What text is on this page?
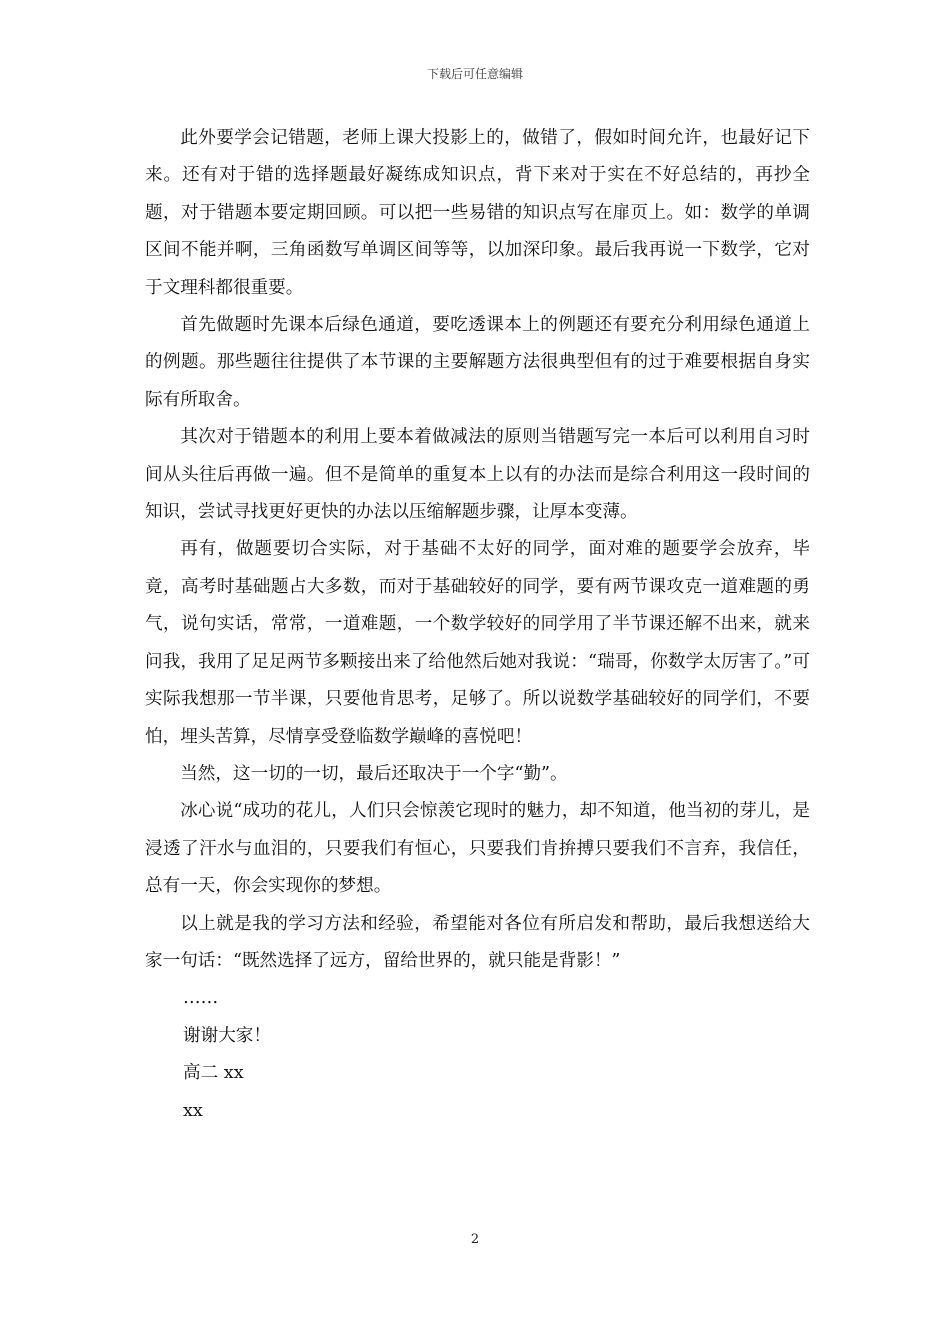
下载后可任意编辑

此外要学会记错题，老师上课大投影上的，做错了，假如时间允许，也最好记下来。还有对于错的选择题最好凝练成知识点，背下来对于实在不好总结的，再抄全题，对于错题本要定期回顾。可以把一些易错的知识点写在扉页上。如：数学的单调区间不能并啊，三角函数写单调区间等等，以加深印象。最后我再说一下数学，它对于文理科都很重要。

首先做题时先课本后绿色通道，要吃透课本上的例题还有要充分利用绿色通道上的例题。那些题往往提供了本节课的主要解题方法很典型但有的过于难要根据自身实际有所取舍。

其次对于错题本的利用上要本着做减法的原则当错题写完一本后可以利用自习时间从头往后再做一遍。但不是简单的重复本上以有的办法而是综合利用这一段时间的知识，尝试寻找更好更快的办法以压缩解题步骤，让厚本变薄。

再有，做题要切合实际，对于基础不太好的同学，面对难的题要学会放弃，毕竟，高考时基础题占大多数，而对于基础较好的同学，要有两节课攻克一道难题的勇气，说句实话，常常，一道难题，一个数学较好的同学用了半节课还解不出来，就来问我，我用了足足两节多颗接出来了给他然后她对我说：“瑞哥，你数学太厉害了。”可实际我想那一节半课，只要他肯思考，足够了。所以说数学基础较好的同学们，不要怕，埋头苦算，尽情享受登临数学巅峰的喜悦吧！

当然，这一切的一切，最后还取决于一个字“勤”。

冰心说“成功的花儿，人们只会惊羡它现时的魅力，却不知道，他当初的芽儿，是浸透了汗水与血泪的，只要我们有恒心，只要我们肯拚搏只要我们不言弃，我信任，总有一天，你会实现你的梦想。

以上就是我的学习方法和经验，希望能对各位有所启发和帮助，最后我想送给大家一句话：“既然选择了远方，留给世界的，就只能是背影！”

……

谢谢大家！

高二 xx

xx

2
